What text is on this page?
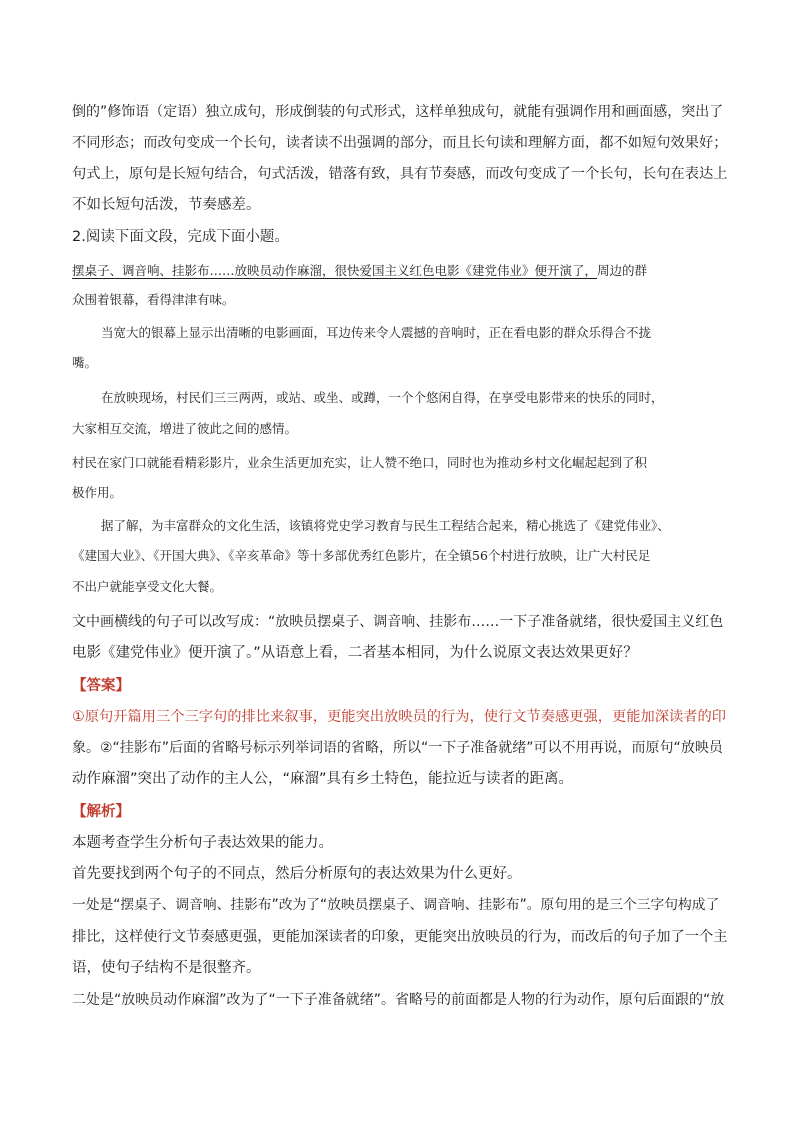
倒的”修饰语（定语）独立成句，形成倒装的句式形式，这样单独成句，就能有强调作用和画面感，突出了
不同形态；而改句变成一个长句，读者读不出强调的部分，而且长句读和理解方面，都不如短句效果好；
句式上，原句是长短句结合，句式活泼，错落有致，具有节奏感，而改句变成了一个长句，长句在表达上
不如长短句活泼，节奏感差。
2.阅读下面文段，完成下面小题。
摆桌子、调音响、挂影布……放映员动作麻溜，很快爱国主义红色电影《建党伟业》便开演了，周边的群
众围着银幕，看得津津有味。
当宽大的银幕上显示出清晰的电影画面，耳边传来令人震撼的音响时，正在看电影的群众乐得合不拢
嘴。
在放映现场，村民们三三两两，或站、或坐、或蹲，一个个悠闲自得，在享受电影带来的快乐的同时，
大家相互交流，增进了彼此之间的感情。
村民在家门口就能看精彩影片，业余生活更加充实，让人赞不绝口，同时也为推动乡村文化崛起起到了积
极作用。
据了解，为丰富群众的文化生活，该镇将党史学习教育与民生工程结合起来，精心挑选了《建党伟业》、
《建国大业》、《开国大典》、《辛亥革命》等十多部优秀红色影片，在全镇56个村进行放映，让广大村民足
不出户就能享受文化大餐。
文中画横线的句子可以改写成：“放映员摆桌子、调音响、挂影布……一下子准备就绪，很快爱国主义红色
电影《建党伟业》便开演了。”从语意上看，二者基本相同，为什么说原文表达效果更好？
【答案】
①原句开篇用三个三字句的排比来叙事，更能突出放映员的行为，使行文节奏感更强，更能加深读者的印
象。②“挂影布”后面的省略号标示列举词语的省略，所以“一下子准备就绪”可以不用再说，而原句“放映员
动作麻溜”突出了动作的主人公，“麻溜”具有乡土特色，能拉近与读者的距离。
【解析】
本题考查学生分析句子表达效果的能力。
首先要找到两个句子的不同点，然后分析原句的表达效果为什么更好。
一处是“摆桌子、调音响、挂影布”改为了“放映员摆桌子、调音响、挂影布”。原句用的是三个三字句构成了
排比，这样使行文节奏感更强，更能加深读者的印象，更能突出放映员的行为，而改后的句子加了一个主
语，使句子结构不是很整齐。
二处是“放映员动作麻溜”改为了“一下子准备就绪”。省略号的前面都是人物的行为动作，原句后面跟的“放
